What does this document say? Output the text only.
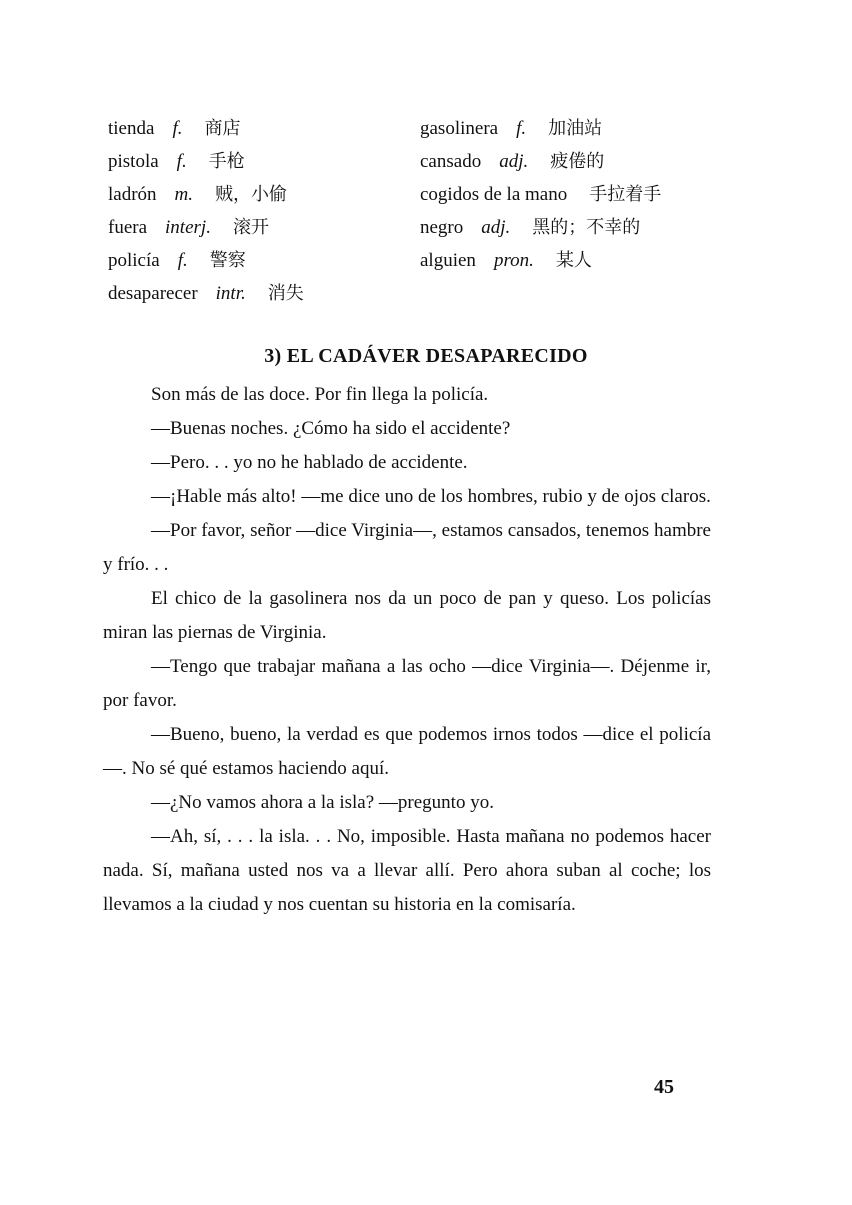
tienda f. 商店
pistola f. 手枪
ladrón m. 贼，小偷
fuera interj. 滚开
policía f. 警察
desaparecer intr. 消失
gasolinera f. 加油站
cansado adj. 疲倦的
cogidos de la mano 手拉着手
negro adj. 黑的；不幸的
alguien pron. 某人
3) EL CADÁVER DESAPARECIDO

Son más de las doce. Por fin llega la policía.

—Buenas noches. ¿Cómo ha sido el accidente?

—Pero. . . yo no he hablado de accidente.

—¡Hable más alto! —me dice uno de los hombres, rubio y de ojos claros.

—Por favor, señor —dice Virginia—, estamos cansados, tenemos hambre y frío. . .

El chico de la gasolinera nos da un poco de pan y queso. Los policías miran las piernas de Virginia.

—Tengo que trabajar mañana a las ocho —dice Virginia—. Déjenme ir, por favor.

—Bueno, bueno, la verdad es que podemos irnos todos —dice el policía—. No sé qué estamos haciendo aquí.

—¿No vamos ahora a la isla? —pregunto yo.

—Ah, sí, . . . la isla. . . No, imposible. Hasta mañana no podemos hacer nada. Sí, mañana usted nos va a llevar allí. Pero ahora suban al coche; los llevamos a la ciudad y nos cuentan su historia en la comisaría.

45
